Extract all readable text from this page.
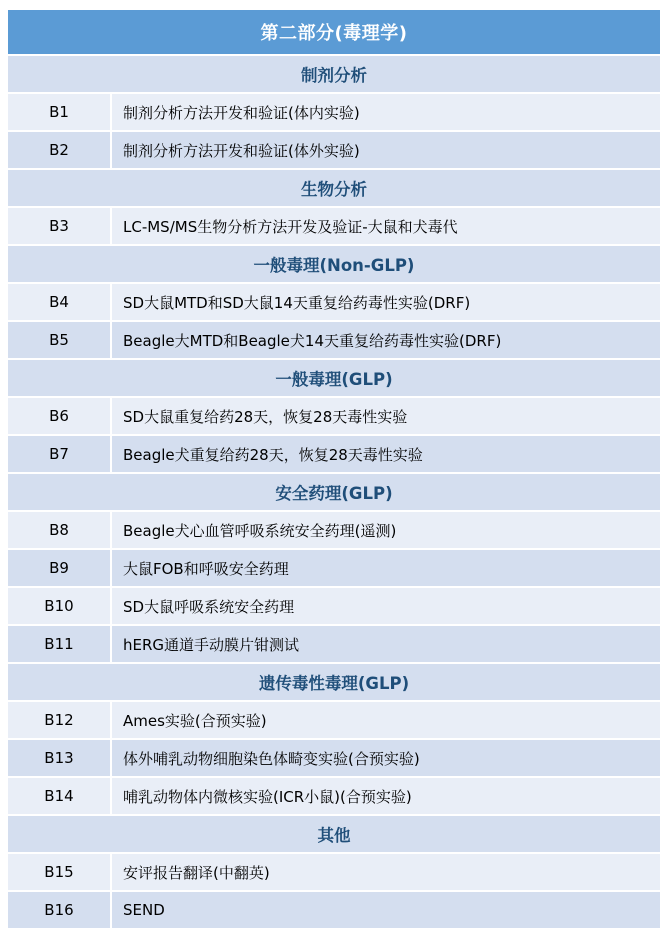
第二部分(毒理学)
制剂分析
B1	制剂分析方法开发和验证(体内实验)
B2	制剂分析方法开发和验证(体外实验)
生物分析
B3	LC-MS/MS生物分析方法开发及验证-大鼠和犬毒代
一般毒理(Non-GLP)
B4	SD大鼠MTD和SD大鼠14天重复给药毒性实验(DRF)
B5	Beagle大MTD和Beagle犬14天重复给药毒性实验(DRF)
一般毒理(GLP)
B6	SD大鼠重复给药28天，恢复28天毒性实验
B7	Beagle犬重复给药28天，恢复28天毒性实验
安全药理(GLP)
B8	Beagle犬心血管呼吸系统安全药理(遥测)
B9	大鼠FOB和呼吸安全药理
B10	SD大鼠呼吸系统安全药理
B11	hERG通道手动膜片钳测试
遗传毒性毒理(GLP)
B12	Ames实验(合预实验)
B13	体外哺乳动物细胞染色体畸变实验(合预实验)
B14	哺乳动物体内微核实验(ICR小鼠)(合预实验)
其他
B15	安评报告翻译(中翻英)
B16	SEND
